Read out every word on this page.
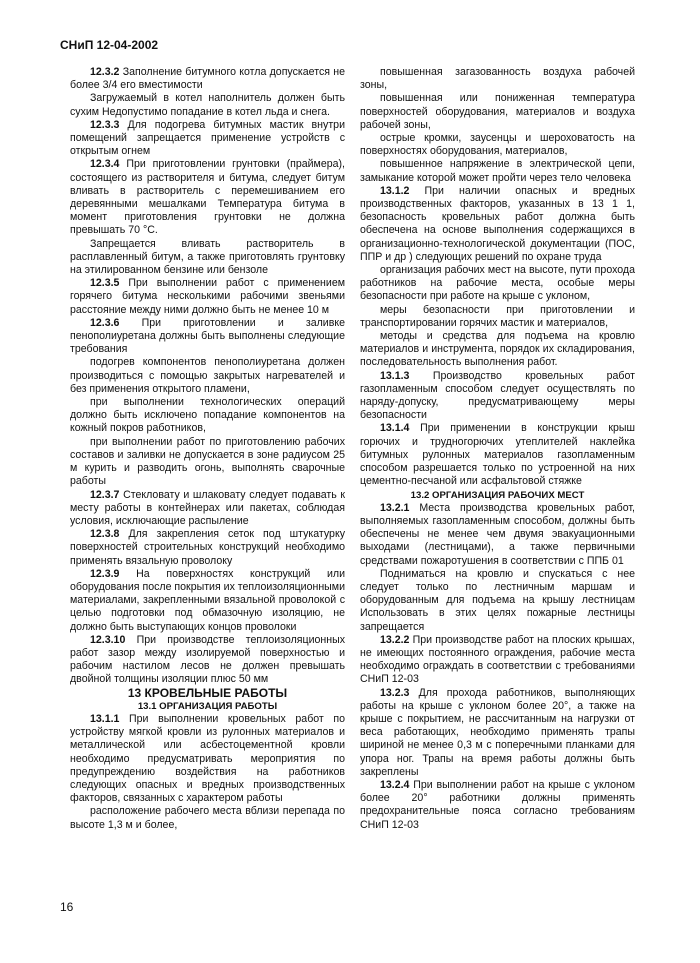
СНиП 12-04-2002

12.3.2 Заполнение битумного котла допускается не более 3/4 его вместимости

Загружаемый в котел наполнитель должен быть сухим Недопустимо попадание в котел льда и снега.

12.3.3 Для подогрева битумных мастик внутри помещений запрещается применение устройств с открытым огнем

12.3.4 При приготовлении грунтовки (праймера), состоящего из растворителя и битума, следует битум вливать в растворитель с перемешиванием его деревянными мешалками Температура битума в момент приготовления грунтовки не должна превышать 70 °С.

Запрещается вливать растворитель в расплавленный битум, а также приготовлять грунтовку на этилированном бензине или бензоле

12.3.5 При выполнении работ с применением горячего битума несколькими рабочими звеньями расстояние между ними должно быть не менее 10 м

12.3.6 При приготовлении и заливке пенополиуретана должны быть выполнены следующие требования

подогрев компонентов пенополиуретана должен производиться с помощью закрытых нагревателей и без применения открытого пламени,

при выполнении технологических операций должно быть исключено попадание компонентов на кожный покров работников,

при выполнении работ по приготовлению рабочих составов и заливки не допускается в зоне радиусом 25 м курить и разводить огонь, выполнять сварочные работы

12.3.7 Стекловату и шлаковату следует подавать к месту работы в контейнерах или пакетах, соблюдая условия, исключающие распыление

12.3.8 Для закрепления сеток под штукатурку поверхностей строительных конструкций необходимо применять вязальную проволоку

12.3.9 На поверхностях конструкций или оборудования после покрытия их теплоизоляционными материалами, закрепленными вязальной проволокой с целью подготовки под обмазочную изоляцию, не должно быть выступающих концов проволоки

12.3.10 При производстве теплоизоляционных работ зазор между изолируемой поверхностью и рабочим настилом лесов не должен превышать двойной толщины изоляции плюс 50 мм

13 КРОВЕЛЬНЫЕ РАБОТЫ

13.1 ОРГАНИЗАЦИЯ РАБОТЫ

13.1.1 При выполнении кровельных работ по устройству мягкой кровли из рулонных материалов и металлической или асбестоцементной кровли необходимо предусматривать мероприятия по предупреждению воздействия на работников следующих опасных и вредных производственных факторов, связанных с характером работы

расположение рабочего места вблизи перепада по высоте 1,3 м и более,

повышенная загазованность воздуха рабочей зоны,

повышенная или пониженная температура поверхностей оборудования, материалов и воздуха рабочей зоны,

острые кромки, заусенцы и шероховатость на поверхностях оборудования, материалов,

повышенное напряжение в электрической цепи, замыкание которой может пройти через тело человека

13.1.2 При наличии опасных и вредных производственных факторов, указанных в 13 1 1, безопасность кровельных работ должна быть обеспечена на основе выполнения содержащихся в организационно-технологической документации (ПОС, ППР и др ) следующих решений по охране труда

организация рабочих мест на высоте, пути прохода работников на рабочие места, особые меры безопасности при работе на крыше с уклоном,

меры безопасности при приготовлении и транспортировании горячих мастик и материалов,

методы и средства для подъема на кровлю материалов и инструмента, порядок их складирования, последовательность выполнения работ.

13.1.3 Производство кровельных работ газопламенным способом следует осуществлять по наряду-допуску, предусматривающему меры безопасности

13.1.4 При применении в конструкции крыш горючих и трудногорючих утеплителей наклейка битумных рулонных материалов газопламенным способом разрешается только по устроенной на них цементно-песчаной или асфальтовой стяжке

13.2 ОРГАНИЗАЦИЯ РАБОЧИХ МЕСТ

13.2.1 Места производства кровельных работ, выполняемых газопламенным способом, должны быть обеспечены не менее чем двумя эвакуационными выходами (лестницами), а также первичными средствами пожаротушения в соответствии с ППБ 01

Подниматься на кровлю и спускаться с нее следует только по лестничным маршам и оборудованным для подъема на крышу лестницам Использовать в этих целях пожарные лестницы запрещается

13.2.2 При производстве работ на плоских крышах, не имеющих постоянного ограждения, рабочие места необходимо ограждать в соответствии с требованиями СНиП 12-03

13.2.3 Для прохода работников, выполняющих работы на крыше с уклоном более 20°, а также на крыше с покрытием, не рассчитанным на нагрузки от веса работающих, необходимо применять трапы шириной не менее 0,3 м с поперечными планками для упора ног. Трапы на время работы должны быть закреплены

13.2.4 При выполнении работ на крыше с уклоном более 20° работники должны применять предохранительные пояса согласно требованиям СНиП 12-03

16
